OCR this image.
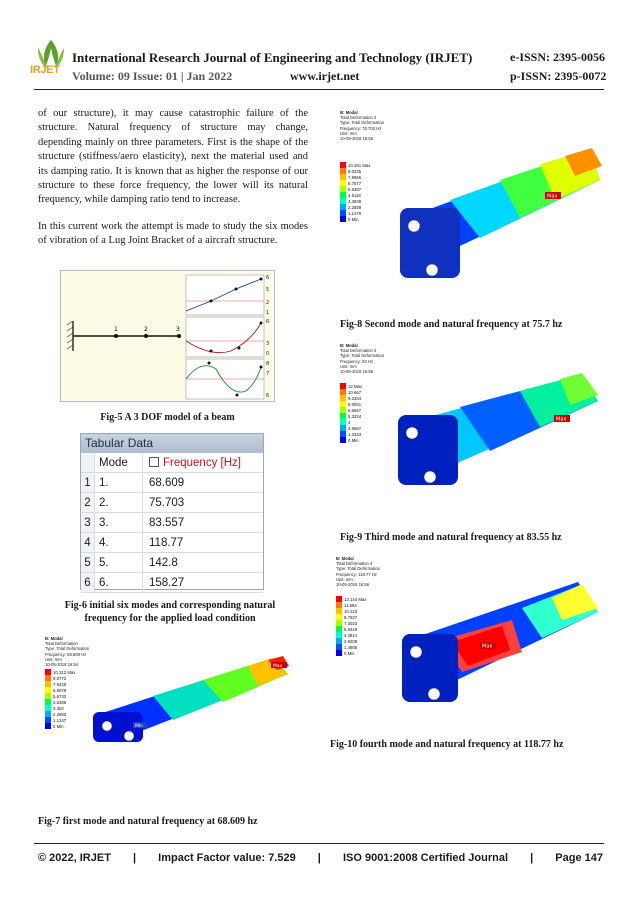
IRJET
International Research Journal of Engineering and Technology (IRJET)	e-ISSN: 2395-0056
Volume: 09 Issue: 01 | Jan 2022	www.irjet.net	p-ISSN: 2395-0072

of our structure), it may cause catastrophic failure of the structure. Natural frequency of structure may change, depending mainly on three parameters. First is the shape of the structure (stiffness/aero elasticity), next the material used and its damping ratio. It is known that as higher the response of our structure to these force frequency, the lower will its natural frequency, while damping ratio tend to increase.

In this current work the attempt is made to study the six modes of vibration of a Lug Joint Bracket of a aircraft structure.

1	2	3
6
5
2
1
6
3
0
8
7
6
Fig-5 A 3 DOF model of a beam
Tabular Data
Mode	Frequency [Hz]
1 1.	68.609
2 2.	75.703
3 3.	83.557
4 4.	118.77
5 5.	142.8
6 6.	158.27
Fig-6 initial six modes and corresponding natural frequency for the applied load condition
B: Modal
Total Deformation
Type: Total Deformation
Frequency: 68.609 Hz
Unit: mm
10-05-2018 16:54
10.212 Max
9.0772
7.9426
6.8079
5.6733
4.5386
3.404
2.2693
1.1347
0 Min
Max
Min
Fig-7 first mode and natural frequency at 68.609 hz
B: Modal
Total Deformation 2
Type: Total Deformation
Frequency: 75.703 Hz
Unit: mm
10-05-2018 16:55
10.151 Max
9.0235
7.8956
6.7677
5.6397
4.5118
3.3839
2.2559
1.1279
0 Min
Max
Fig-8 Second mode and natural frequency at 75.7 hz
B: Modal
Total Deformation 3
Type: Total Deformation
Frequency: 83 Hz
Unit: mm
10-05-2018 16:59
12 Max
10.667
9.3334
8.0001
6.6667
5.3334
4
2.6667
1.3333
0 Min
Max
Fig-9 Third mode and natural frequency at 83.55 hz
B: Modal
Total Deformation 4
Type: Total Deformation
Frequency: 118.77 Hz
Unit: mm
10-05-2018 16:56
13.144 Max
11.684
10.223
8.7627
7.3023
5.8419
4.3814
2.9209
1.4605
0 Min
Max
Fig-10 fourth mode and natural frequency at 118.77 hz
© 2022, IRJET | Impact Factor value: 7.529 | ISO 9001:2008 Certified Journal | Page 147
